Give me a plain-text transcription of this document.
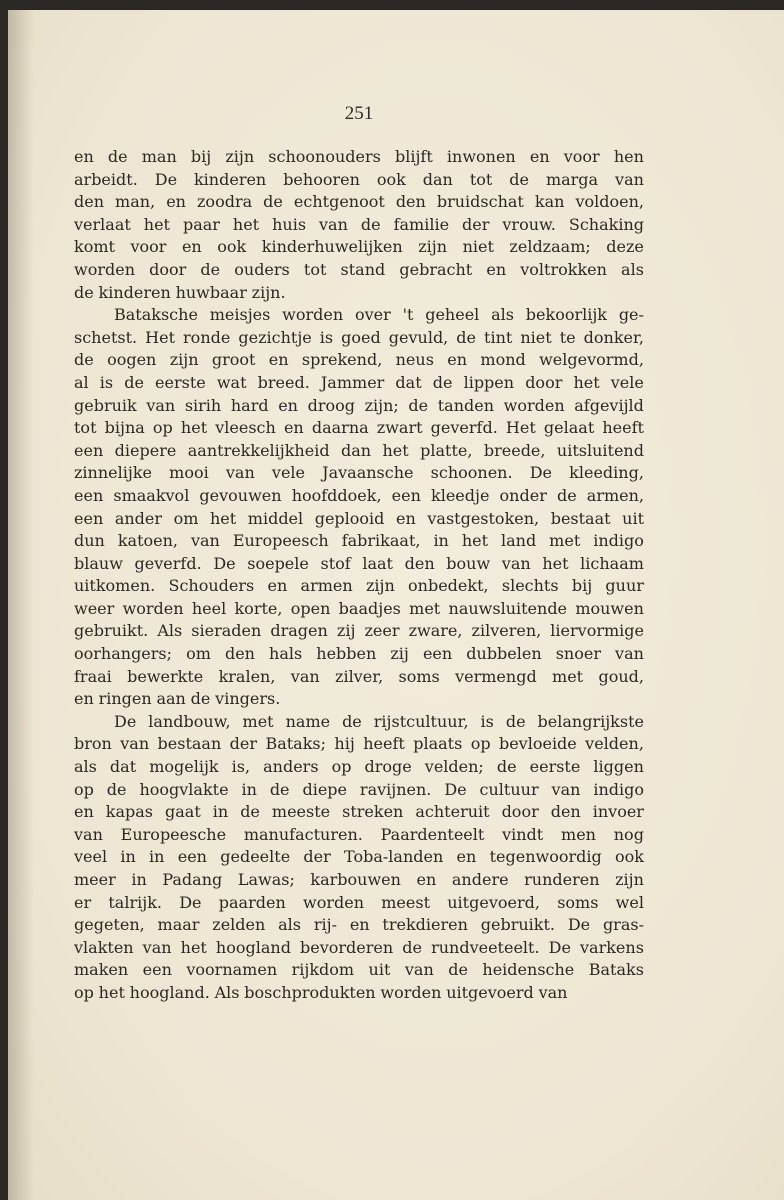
251
en de man bij zijn schoonouders blijft inwonen en voor hen
arbeidt. De kinderen behooren ook dan tot de marga van
den man, en zoodra de echtgenoot den bruidschat kan voldoen,
verlaat het paar het huis van de familie der vrouw. Schaking
komt voor en ook kinderhuwelijken zijn niet zeldzaam; deze
worden door de ouders tot stand gebracht en voltrokken als
de kinderen huwbaar zijn.
Bataksche meisjes worden over 't geheel als bekoorlijk ge-
schetst. Het ronde gezichtje is goed gevuld, de tint niet te donker,
de oogen zijn groot en sprekend, neus en mond welgevormd,
al is de eerste wat breed. Jammer dat de lippen door het vele
gebruik van sirih hard en droog zijn; de tanden worden afgevijld
tot bijna op het vleesch en daarna zwart geverfd. Het gelaat heeft
een diepere aantrekkelijkheid dan het platte, breede, uitsluitend
zinnelijke mooi van vele Javaansche schoonen. De kleeding,
een smaakvol gevouwen hoofddoek, een kleedje onder de armen,
een ander om het middel geplooid en vastgestoken, bestaat uit
dun katoen, van Europeesch fabrikaat, in het land met indigo
blauw geverfd. De soepele stof laat den bouw van het lichaam
uitkomen. Schouders en armen zijn onbedekt, slechts bij guur
weer worden heel korte, open baadjes met nauwsluitende mouwen
gebruikt. Als sieraden dragen zij zeer zware, zilveren, liervormige
oorhangers; om den hals hebben zij een dubbelen snoer van
fraai bewerkte kralen, van zilver, soms vermengd met goud,
en ringen aan de vingers.
De landbouw, met name de rijstcultuur, is de belangrijkste
bron van bestaan der Bataks; hij heeft plaats op bevloeide velden,
als dat mogelijk is, anders op droge velden; de eerste liggen
op de hoogvlakte in de diepe ravijnen. De cultuur van indigo
en kapas gaat in de meeste streken achteruit door den invoer
van Europeesche manufacturen. Paardenteelt vindt men nog
veel in in een gedeelte der Toba-landen en tegenwoordig ook
meer in Padang Lawas; karbouwen en andere runderen zijn
er talrijk. De paarden worden meest uitgevoerd, soms wel
gegeten, maar zelden als rij- en trekdieren gebruikt. De gras-
vlakten van het hoogland bevorderen de rundveeteelt. De varkens
maken een voornamen rijkdom uit van de heidensche Bataks
op het hoogland. Als boschprodukten worden uitgevoerd van
